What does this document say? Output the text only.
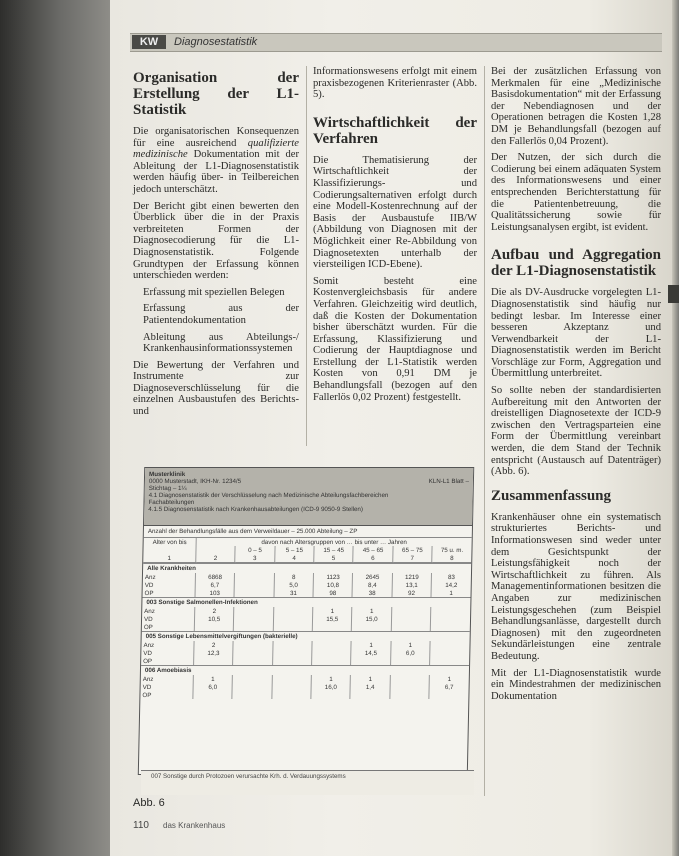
KW	Diagnosestatistik
Organisation der Erstellung der L1-Statistik

Die organisatorischen Konsequenzen für eine ausreichend qualifizierte medizinische Dokumentation mit der Ableitung der L1-Diagnosenstatistik werden häufig über- in Teilbereichen jedoch unterschätzt.

Der Bericht gibt einen bewerten den Überblick über die in der Praxis verbreiteten Formen der Diagnosecodierung für die L1-Diagnosenstatistik. Folgende Grundtypen der Erfassung können unterschieden werden:

Erfassung mit speziellen Belegen

Erfassung aus der Patientendokumentation

Ableitung aus Abteilungs-/ Krankenhausinformationssystemen

Die Bewertung der Verfahren und Instrumente zur Diagnoseverschlüsselung für die einzelnen Ausbaustufen des Berichts- und

Informationswesens erfolgt mit einem praxisbezogenen Kriterienraster (Abb. 5).

Wirtschaftlichkeit der Verfahren

Die Thematisierung der Wirtschaftlichkeit der Klassifizierungs- und Codierungsalternativen erfolgt durch eine Modell-Kostenrechnung auf der Basis der Ausbaustufe IIB/W (Abbildung von Diagnosen mit der Möglichkeit einer Re-Abbildung von Diagnosetexten unterhalb der viersteiligen ICD-Ebene).

Somit besteht eine Kostenvergleichsbasis für andere Verfahren. Gleichzeitig wird deutlich, daß die Kosten der Dokumentation bisher überschätzt wurden. Für die Erfassung, Klassifizierung und Codierung der Hauptdiagnose und Erstellung der L1-Statistik werden Kosten von 0,91 DM je Behandlungsfall (bezogen auf den Fallerlös 0,02 Prozent) festgestellt.

Bei der zusätzlichen Erfassung von Merkmalen für eine „Medizinische Basisdokumentation“ mit der Erfassung der Nebendiagnosen und der Operationen betragen die Kosten 1,28 DM je Behandlungsfall (bezogen auf den Fallerlös 0,04 Prozent).

Der Nutzen, der sich durch die Codierung bei einem adäquaten System des Informationswesens und einer entsprechenden Berichterstattung für die Patientenbetreuung, die Qualitätssicherung sowie für Leistungsanalysen ergibt, ist evident.

Aufbau und Aggregation der L1-Diagnosenstatistik

Die als DV-Ausdrucke vorgelegten L1-Diagnosenstatistik sind häufig nur bedingt lesbar. Im Interesse einer besseren Akzeptanz und Verwendbarkeit der L1-Diagnosenstatistik werden im Bericht Vorschläge zur Form, Aggregation und Übermittlung unterbreitet.

So sollte neben der standardisierten Aufbereitung mit den Antworten der dreistelligen Diagnosetexte der ICD-9 zwischen den Vertragsparteien eine Form der Übermittlung vereinbart werden, die dem Stand der Technik entspricht (Austausch auf Datenträger) (Abb. 6).

Zusammenfassung

Krankenhäuser ohne ein systematisch strukturiertes Berichts- und Informationswesen sind weder unter dem Gesichtspunkt der Leistungsfähigkeit noch der Wirtschaftlichkeit zu führen. Als Managementinformationen besitzen die Angaben zur medizinischen Leistungsgeschehen (zum Beispiel Behandlungsanlässe, dargestellt durch Diagnosen) mit den zugeordneten Sekundärleistungen eine zentrale Bedeutung.

Mit der L1-Diagnosenstatistik wurde ein Mindestrahmen der medizinischen Dokumentation

Musterklinik
0000 Musterstadt, IKH-Nr. 1234/5	KLN-L1 Blatt –
Stichtag – 1¼
4.1 Diagnosenstatistik der Verschlüsselung nach Medizinische Abteilungsfachbereichen
Fachabteilungen
4.1.5 Diagnosenstatistik nach Krankenhausabteilungen (ICD-9 9050-9 Stellen)
Anzahl der Behandlungsfälle aus dem Verweildauer – 25.000 Abteilung – ZP
Alter von bis	davon nach Altersgruppen von … bis unter … Jahren						
		0 – 5	5 – 15	15 – 45	45 – 65	65 – 75	75 u. m.
1	2	3	4	5	6	7	8
Alle Krankheiten
Anz	6868		8	1123	2645	1219	83
VD	6,7		5,0	10,8	8,4	13,1	14,2
OP	103		31	98	38	92	1
003 Sonstige Salmonellen-Infektionen
Anz	2			1	1		
VD	10,5			15,5	15,0		
OP							
005 Sonstige Lebensmittelvergiftungen (bakterielle)
Anz	2				1	1	
VD	12,3				14,5	6,0	
OP							
006 Amoebiasis
Anz	1			1	1		1
VD	6,0			16,0	1,4		6,7
OP							
007 Sonstige durch Protozoen verursachte Krh. d. Verdauungssystems
Abb. 6
110 das Krankenhaus
